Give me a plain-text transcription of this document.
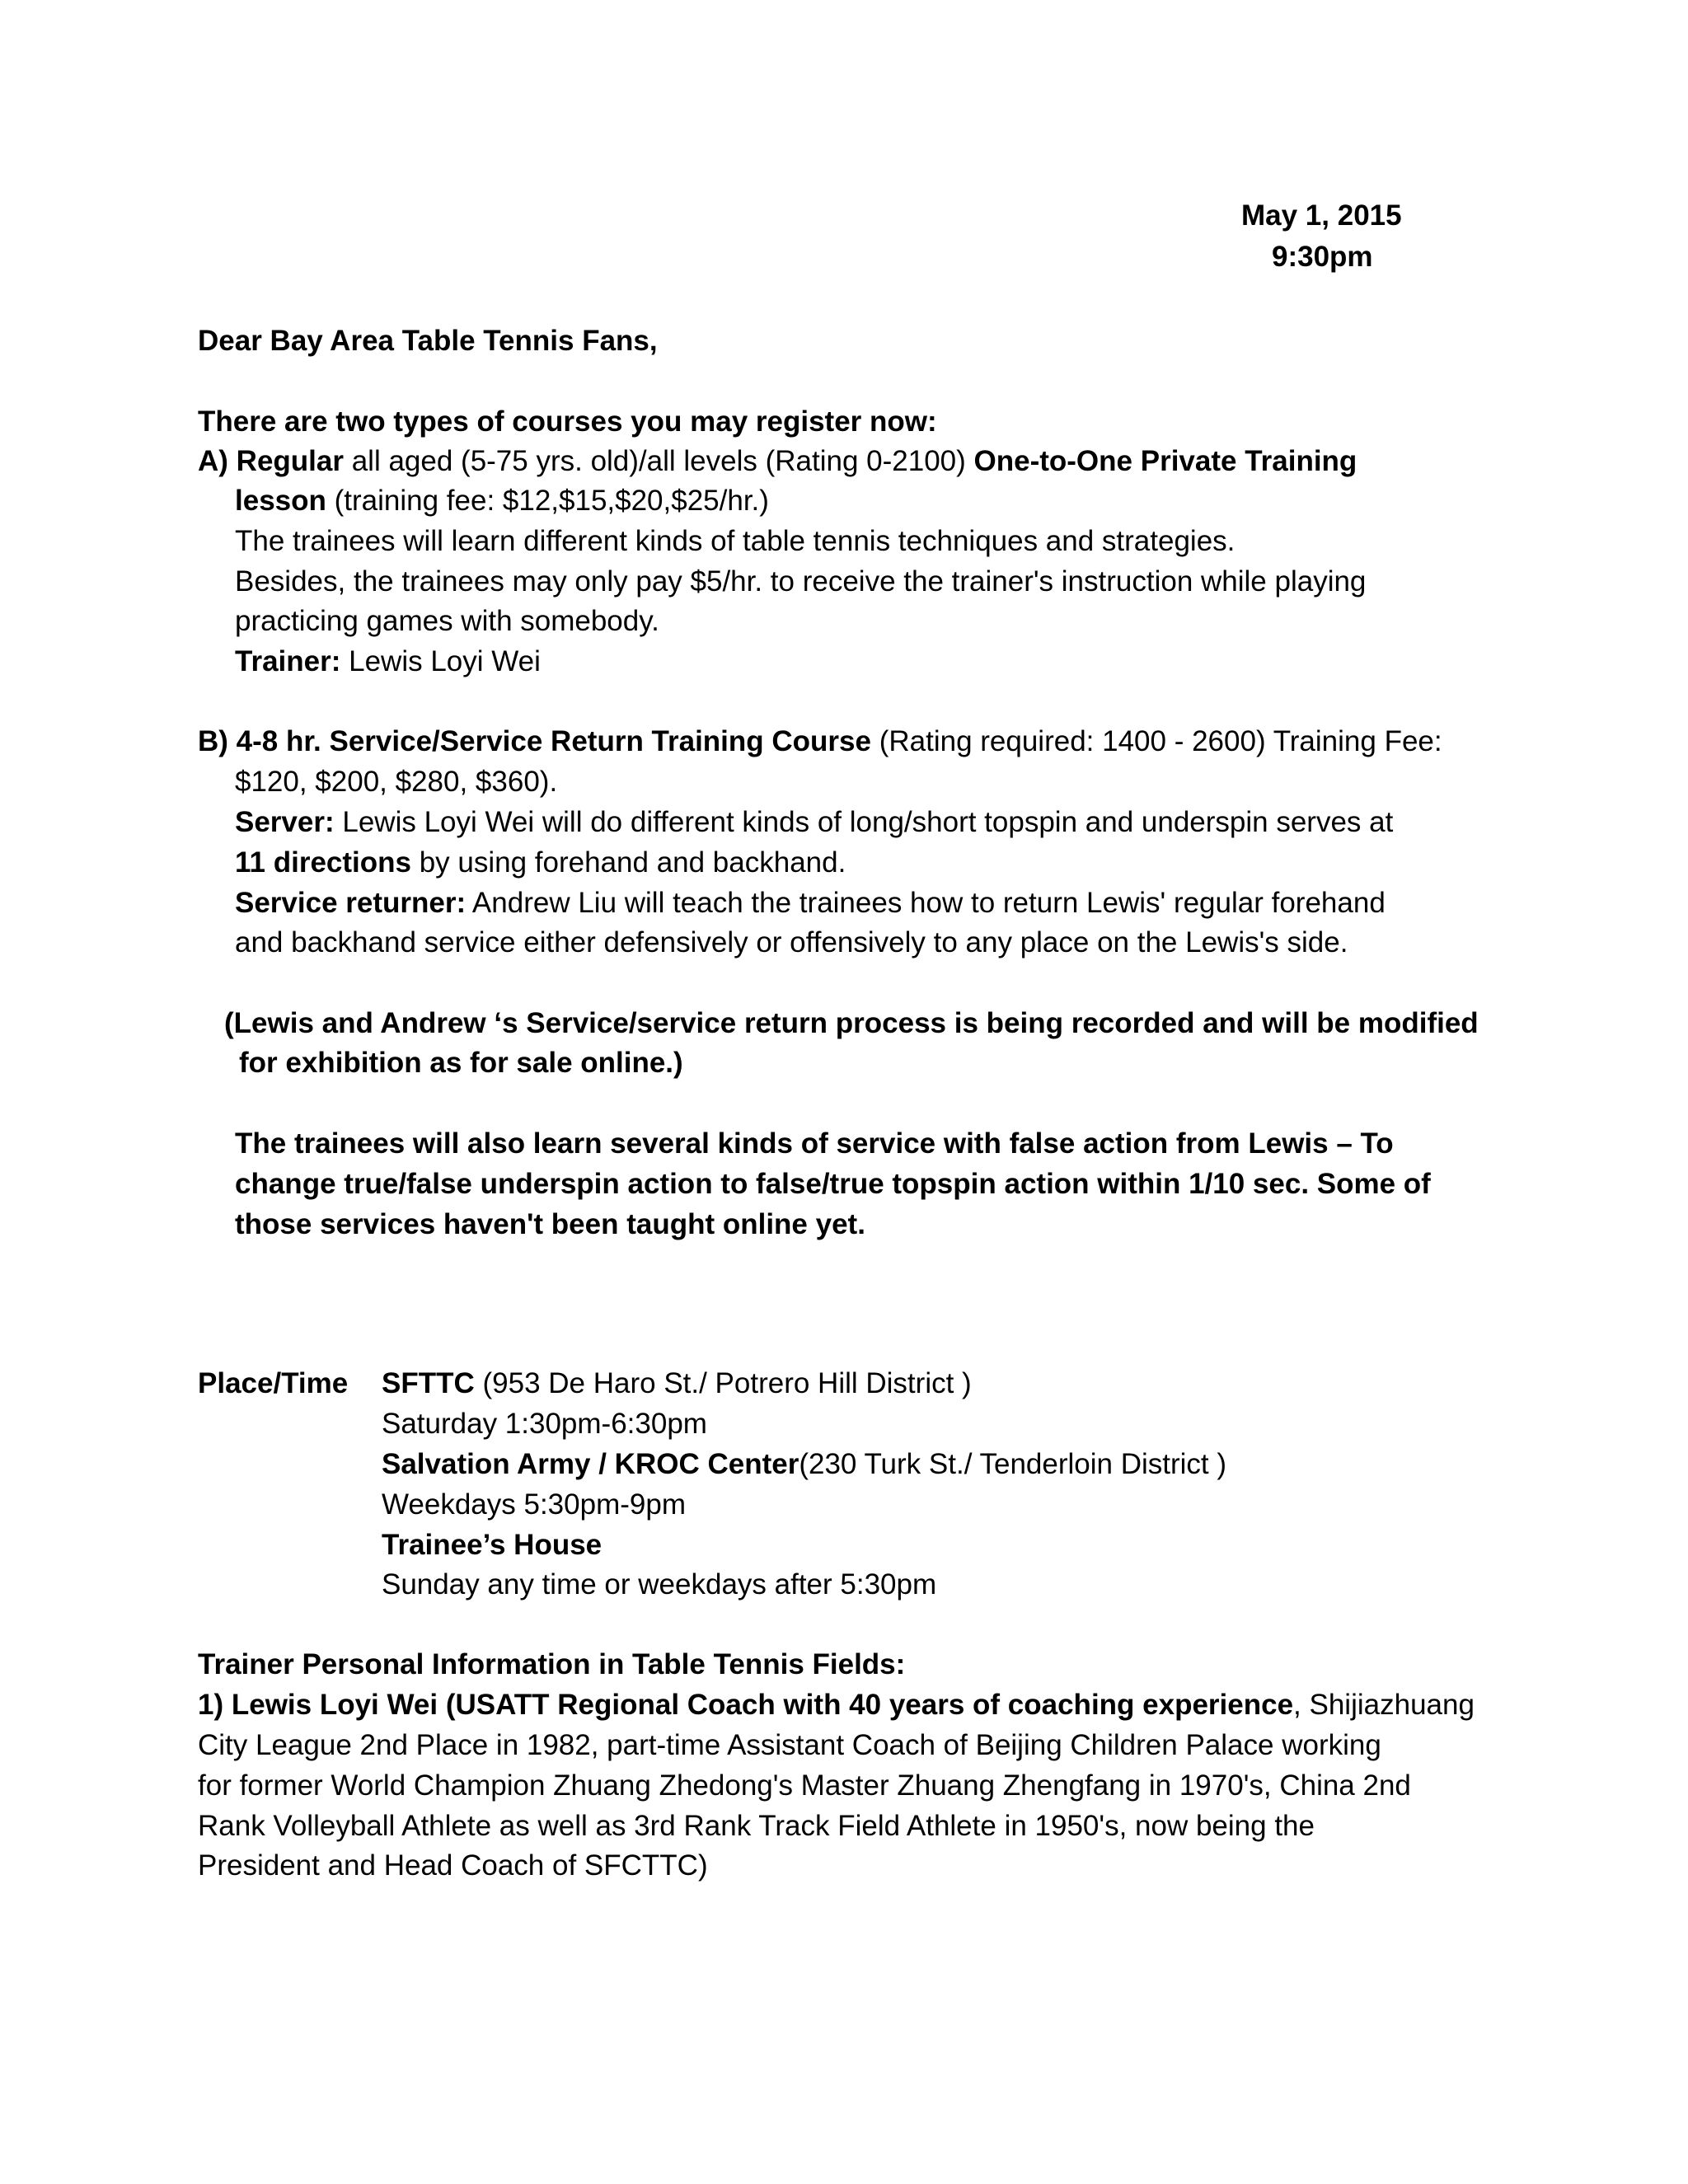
May 1, 2015
9:30pm
Dear Bay Area Table Tennis Fans,
There are two types of courses you may register now:
A) Regular all aged (5-75 yrs. old)/all levels (Rating 0-2100) One-to-One Private Training
lesson (training fee: $12,$15,$20,$25/hr.)
The trainees will learn different kinds of table tennis techniques and strategies.
Besides, the trainees may only pay $5/hr. to receive the trainer's instruction while playing
practicing games with somebody.
Trainer: Lewis Loyi Wei
B) 4-8 hr. Service/Service Return Training Course (Rating required: 1400 - 2600) Training Fee:
$120, $200, $280, $360).
Server: Lewis Loyi Wei will do different kinds of long/short topspin and underspin serves at
11 directions by using forehand and backhand.
Service returner: Andrew Liu will teach the trainees how to return Lewis' regular forehand
and backhand service either defensively or offensively to any place on the Lewis's side.
(Lewis and Andrew ‘s Service/service return process is being recorded and will be modified
for exhibition as for sale online.)
The trainees will also learn several kinds of service with false action from Lewis – To
change true/false underspin action to false/true topspin action within 1/10 sec. Some of
those services haven't been taught online yet.
Place/Time SFTTC (953 De Haro St./ Potrero Hill District )
Saturday 1:30pm-6:30pm
Salvation Army / KROC Center(230 Turk St./ Tenderloin District )
Weekdays 5:30pm-9pm
Trainee’s House
Sunday any time or weekdays after 5:30pm
Trainer Personal Information in Table Tennis Fields:
1) Lewis Loyi Wei (USATT Regional Coach with 40 years of coaching experience, Shijiazhuang
City League 2nd Place in 1982, part-time Assistant Coach of Beijing Children Palace working
for former World Champion Zhuang Zhedong's Master Zhuang Zhengfang in 1970's, China 2nd
Rank Volleyball Athlete as well as 3rd Rank Track Field Athlete in 1950's, now being the
President and Head Coach of SFCTTC)
